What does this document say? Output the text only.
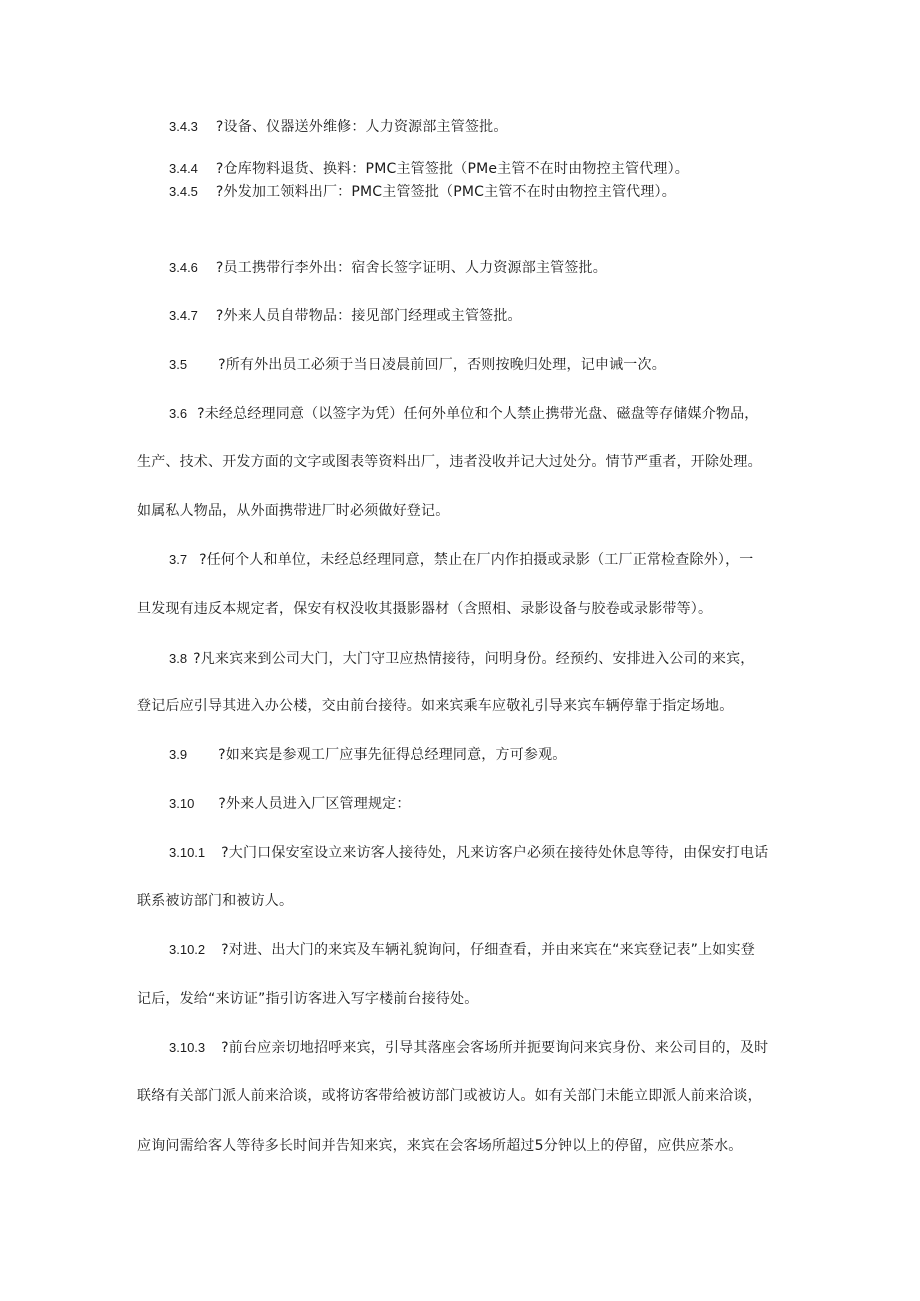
3.4.3 ?设备、仪器送外维修：人力资源部主管签批。
3.4.4 ?仓库物料退货、换料：PMC主管签批（PMe主管不在时由物控主管代理）。
3.4.5 ?外发加工领料出厂：PMC主管签批（PMC主管不在时由物控主管代理）。
3.4.6 ?员工携带行李外出：宿舍长签字证明、人力资源部主管签批。
3.4.7 ?外来人员自带物品：接见部门经理或主管签批。
3.5 ?所有外出员工必须于当日凌晨前回厂，否则按晚归处理，记申诫一次。
3.6 ?未经总经理同意（以签字为凭）任何外单位和个人禁止携带光盘、磁盘等存储媒介物品，
生产、技术、开发方面的文字或图表等资料出厂，违者没收并记大过处分。情节严重者，开除处理。
如属私人物品，从外面携带进厂时必须做好登记。
3.7 ?任何个人和单位，未经总经理同意，禁止在厂内作拍摄或录影（工厂正常检查除外），一
旦发现有违反本规定者，保安有权没收其摄影器材（含照相、录影设备与胶卷或录影带等）。
3.8 ?凡来宾来到公司大门，大门守卫应热情接待，问明身份。经预约、安排进入公司的来宾，
登记后应引导其进入办公楼，交由前台接待。如来宾乘车应敬礼引导来宾车辆停靠于指定场地。
3.9 ?如来宾是参观工厂应事先征得总经理同意，方可参观。
3.10 ?外来人员进入厂区管理规定：
3.10.1 ?大门口保安室设立来访客人接待处，凡来访客户必须在接待处休息等待，由保安打电话
联系被访部门和被访人。
3.10.2 ?对进、出大门的来宾及车辆礼貌询问，仔细查看，并由来宾在“来宾登记表”上如实登
记后，发给“来访证”指引访客进入写字楼前台接待处。
3.10.3 ?前台应亲切地招呼来宾，引导其落座会客场所并扼要询问来宾身份、来公司目的，及时
联络有关部门派人前来洽谈，或将访客带给被访部门或被访人。如有关部门未能立即派人前来洽谈，
应询问需给客人等待多长时间并告知来宾，来宾在会客场所超过5分钟以上的停留，应供应茶水。
